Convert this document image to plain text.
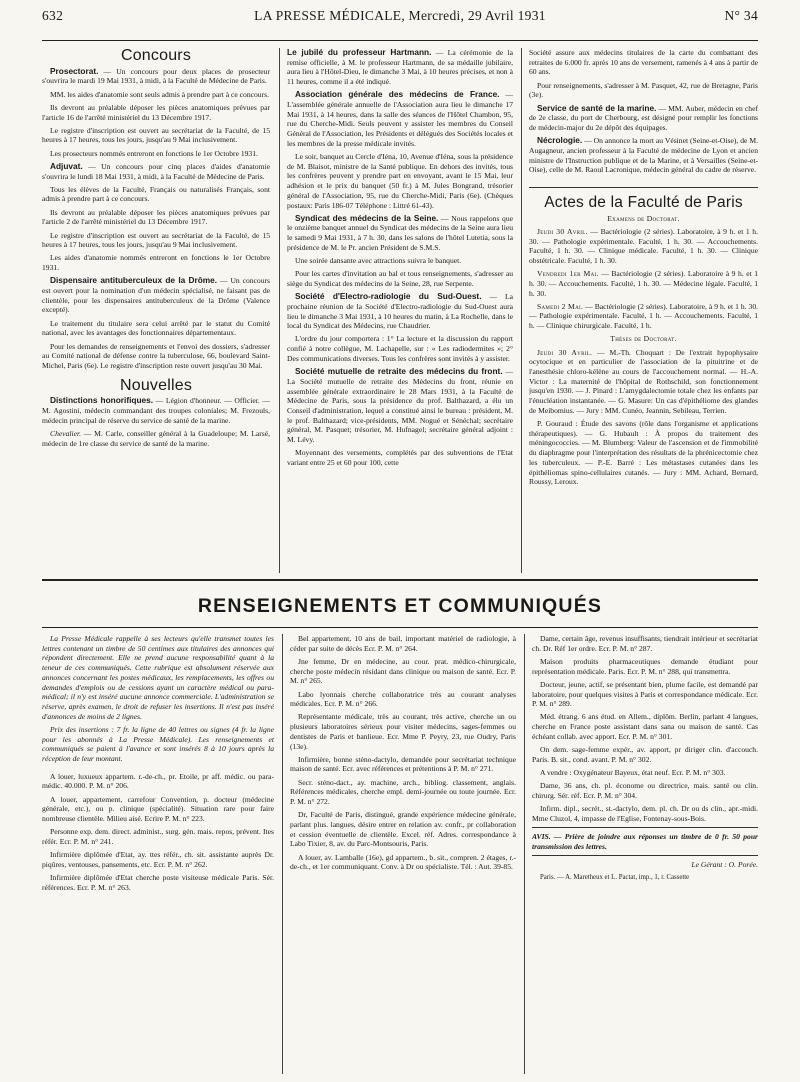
632	LA PRESSE MÉDICALE, Mercredi, 29 Avril 1931	N° 34
Concours

Prosectorat. — Un concours pour deux places de prosecteur s'ouvrira le mardi 19 Mai 1931, à midi, à la Faculté de Médecine de Paris.

MM. les aides d'anatomie sont seuls admis à prendre part à ce concours.

Ils devront au préalable déposer les pièces anatomiques prévues par l'article 16 de l'arrêté ministériel du 13 Décembre 1917.

Le registre d'inscription est ouvert au secrétariat de la Faculté, de 15 heures à 17 heures, tous les jours, jusqu'au 9 Mai inclusivement.

Les prosecteurs nommés entreront en fonctions le 1er Octobre 1931.

Adjuvat. — Un concours pour cinq places d'aides d'anatomie s'ouvrira le lundi 18 Mai 1931, à midi, à la Faculté de Médecine de Paris.

Tous les élèves de la Faculté, Français ou naturalisés Français, sont admis à prendre part à ce concours.

Ils devront au préalable déposer les pièces anatomiques prévues par l'article 2 de l'arrêté ministériel du 13 Décembre 1917.

Le registre d'inscription est ouvert au secrétariat de la Faculté, de 15 heures à 17 heures, tous les jours, jusqu'au 9 Mai inclusivement.

Les aides d'anatomie nommés entreront en fonctions le 1er Octobre 1931.

Dispensaire antituberculeux de la Drôme. — Un concours est ouvert pour la nomination d'un médecin spécialisé, ne faisant pas de clientèle, pour les dispensaires antituberculeux de la Drôme (Valence excepté).

Le traitement du titulaire sera celui arrêté par le statut du Comité national, avec les avantages des fonctionnaires départementaux.

Pour les demandes de renseignements et l'envoi des dossiers, s'adresser au Comité national de défense contre la tuberculose, 66, boulevard Saint-Michel, Paris (6e). Le registre d'inscription reste ouvert jusqu'au 30 Mai.

Nouvelles

Distinctions honorifiques. — Légion d'honneur. — Officier. — M. Agostini, médecin commandant des troupes coloniales; M. Frezouls, médecin principal de réserve du service de santé de la marine.

Chevalier. — M. Carle, conseiller général à la Guadeloupe; M. Larsé, médecin de 1re classe du service de santé de la marine.

Le jubilé du professeur Hartmann. — La cérémonie de la remise officielle, à M. le professeur Hartmann, de sa médaille jubilaire, aura lieu à l'Hôtel-Dieu, le dimanche 3 Mai, à 10 heures précises, et non à 11 heures, comme il a été indiqué.

Association générale des médecins de France. — L'assemblée générale annuelle de l'Association aura lieu le dimanche 17 Mai 1931, à 14 heures, dans la salle des séances de l'Hôtel Chambon, 95, rue du Cherche-Midi. Seuls peuvent y assister les membres du Conseil Général de l'Association, les Présidents et délégués des Sociétés locales et les membres de la presse médicale invités.

Le soir, banquet au Cercle d'Iéna, 10, Avenue d'Iéna, sous la présidence de M. Blaisot, ministre de la Santé publique. En dehors des invités, tous les confrères peuvent y prendre part en envoyant, avant le 15 Mai, leur adhésion et le prix du banquet (50 fr.) à M. Jules Bongrand, trésorier général de l'Association, 95, rue du Cherche-Midi, Paris (6e). (Chèques postaux: Paris 186-07 Téléphone : Littré 61-43).

Syndicat des médecins de la Seine. — Nous rappelons que le onzième banquet annuel du Syndicat des médecins de la Seine aura lieu le samedi 9 Mai 1931, à 7 h. 30, dans les salons de l'hôtel Lutetia, sous la présidence de M. le Pr. ancien Président de S.M.S.

Une soirée dansante avec attractions suivra le banquet.

Pour les cartes d'invitation au bal et tous renseignements, s'adresser au siège du Syndicat des médecins de la Seine, 28, rue Serpente.

Société d'Electro-radiologie du Sud-Ouest. — La prochaine réunion de la Société d'Electro-radiologie du Sud-Ouest aura lieu le dimanche 3 Mai 1931, à 10 heures du matin, à La Rochelle, dans le local du Syndicat des Médecins, rue Chaudrier.

L'ordre du jour comportera : 1° La lecture et la discussion du rapport confié à notre collègue, M. Lachapelle, sur : « Les radiodermites »; 2° Des communications diverses. Tous les confrères sont invités à y assister.

Société mutuelle de retraite des médecins du front. — La Société mutuelle de retraite des Médecins du front, réunie en assemblée générale extraordinaire le 28 Mars 1931, à la Faculté de Médecine de Paris, sous la présidence du prof. Balthazard, a élu un Conseil d'administration, lequel a constitué ainsi le bureau : président, M. le prof. Balthazard; vice-présidents, MM. Nogué et Sénéchal; secrétaire général, M. Pasquet; trésorier, M. Hufnagel; secrétaire général adjoint : M. Lévy.

Moyennant des versements, complétés par des subventions de l'Etat variant entre 25 et 60 pour 100, cette

Société assure aux médecins titulaires de la carte du combattant des retraites de 6.000 fr. après 10 ans de versement, ramenés à 4 ans à partir de 60 ans.

Pour renseignements, s'adresser à M. Pasquet, 42, rue de Bretagne, Paris (3e).

Service de santé de la marine. — MM. Auber, médecin en chef de 2e classe, du port de Cherbourg, est désigné pour remplir les fonctions de médecin-major du 2e dépôt des équipages.

Nécrologie. — On annonce la mort au Vésinet (Seine-et-Oise), de M. Augagneur, ancien professeur à la Faculté de médecine de Lyon et ancien ministre de l'Instruction publique et de la Marine, et à Versailles (Seine-et-Oise), celle de M. Raoul Lacronique, médecin général du cadre de réserve.

Actes de la Faculté de Paris

Examens de Doctorat.

Jeudi 30 Avril. — Bactériologie (2 séries). Laboratoire, à 9 h. et 1 h. 30. — Pathologie expérimentale. Faculté, 1 h. 30. — Accouchements. Faculté, 1 h. 30. — Clinique médicale. Faculté, 1 h. 30. — Clinique obstétricale. Faculté, 1 h. 30.

Vendredi 1er Mai. — Bactériologie (2 séries). Laboratoire à 9 h. et 1 h. 30. — Accouchements. Faculté, 1 h. 30. — Médecine légale. Faculté, 1 h. 30.

Samedi 2 Mai. — Bactériologie (2 séries). Laboratoire, à 9 h. et 1 h. 30. — Pathologie expérimentale. Faculté, 1 h. — Accouchements. Faculté, 1 h. — Clinique chirurgicale. Faculté, 1 h.

Thèses de Doctorat.

Jeudi 30 Avril. — M.-Th. Choquart : De l'extrait hypophysaire ocytocique et en particulier de l'association de la pituitrine et de l'anesthésie chloro-kélène au cours de l'accouchement normal. — H.-A. Victor : La maternité de l'hôpital de Rothschild, son fonctionnement jusqu'en 1930. — J. Pinard : L'amygdalectomie totale chez les enfants par l'énucléation instantanée. — G. Masure: Un cas d'épithéliome des glandes de Meibomius. — Jury : MM. Cunéo, Jeannin, Sebileau, Terrien.

P. Gouraud : Étude des savons (rôle dans l'organisme et applications thérapeutiques). — G. Hubault : À propos du traitement des méningococcies. — M. Blumberg: Valeur de l'ascension et de l'immobilité du diaphragme pour l'interprétation des résultats de la phrénicectomie chez les tuberculeux. — P.-E. Barré : Les métastases cutanées dans les épithéliomas spino-cellulaires cutanés. — Jury : MM. Achard, Bernard, Roussy, Leroux.

RENSEIGNEMENTS ET COMMUNIQUÉS

La Presse Médicale rappelle à ses lecteurs qu'elle transmet toutes les lettres contenant un timbre de 50 centimes aux titulaires des annonces qui répondent directement. Elle ne prend aucune responsabilité quant à la teneur de ces communiqués. Cette rubrique est absolument réservée aux annonces concernant les postes médicaux, les remplacements, les offres ou demandes d'emplois ou de cessions ayant un caractère médical ou para-médical; il n'y est inséré aucune annonce commerciale. L'administration se réserve, après examen, le droit de refuser les insertions. Il n'est pas inséré d'annonces de moins de 2 lignes.

Prix des insertions : 7 fr. la ligne de 40 lettres ou signes (4 fr. la ligne pour les abonnés à La Presse Médicale). Les renseignements et communiqués se paient à l'avance et sont insérés 8 à 10 jours après la réception de leur montant.

A louer, luxueux appartem. r.-de-ch., pr. Etoile, pr aff. médic. ou para-médic. 40.000. P. M. n° 206.

A louer, appartement, carrefour Convention, p. docteur (médecine générale, etc.), ou p. clinique (spécialité). Situation rare pour faire nombreuse clientèle. Milieu aisé. Ecrire P. M. n° 223.

Personne exp. dem. direct. administ., surg. gén. mais. repos, prévent. Ites référ. Ecr. P. M. n° 241.

Infirmière diplômée d'Etat, ay. ttes référ., ch. sit. assistante auprès Dr. piqûres, ventouses, pansements, etc. Ecr. P. M. n° 262.

Infirmière diplômée d'Etat cherche poste visiteuse médicale Paris. Sér. références. Ecr. P. M. n° 263.

Bel appartement, 10 ans de bail, important matériel de radiologie, à céder par suite de décès Ecr. P. M. n° 264.

Jne femme, Dr en médecine, au cour. prat. médico-chirurgicale, cherche poste médecin résidant dans clinique ou maison de santé. Ecr. P. M. n° 265.

Labo lyonnais cherche collaboratrice très au courant analyses médicales. Ecr. P. M. n° 266.

Représentante médicale, très au courant, très active, cherche un ou plusieurs laboratoires sérieux pour visiter médecins, sages-femmes ou dentistes de Paris et banlieue. Ecr. Mme P. Peyry, 23, rue Oudry, Paris (13e).

Infirmière, bonne sténo-dactylo, demandée pour secrétariat technique maison de santé. Ecr. avec références et prétentions à P. M. n° 271.

Secr. sténo-dact., ay. machine, arch., bibliog. classement, anglais. Références médicales, cherche empl. demi-journée ou toute journée. Ecr. P. M. n° 272.

Dr, Faculté de Paris, distingué, grande expérience médecine générale, parlant plus. langues, désire entrer en relation av. confr., pr collaboration et cession éventuelle de clientèle. Excel. réf. Adres. correspondance à Labo Tixier, 8, av. du Parc-Montsouris, Paris.

A louer, av. Lamballe (16e), gd appartem., b. sit., compren. 2 étages, r.-de-ch., et 1er communiquant. Conv. à Dr ou spécialiste. Tél. : Aut. 39-85.

Dame, certain âge, revenus insuffisants, tiendrait intérieur et secrétariat ch. Dr. Réf 1er ordre. Ecr. P. M. n° 287.

Maison produits pharmaceutiques demande étudiant pour représentation médicale. Paris. Ecr. P. M. n° 288, qui transmettra.

Docteur, jeune, actif, se présentant bien, plume facile, est demandé par laboratoire, pour quelques visites à Paris et correspondance médicale. Ecr. P. M. n° 289.

Méd. étrang. 6 ans étud. en Allem., diplôm. Berlin, parlant 4 langues, cherche en France poste assistant dans sana ou maison de santé. Cas échéant collab. avec apport. Ecr. P. M. n° 301.

On dem. sage-femme expér., av. apport, pr diriger clin. d'accouch. Paris. B. sit., cond. avant. P. M. n° 302.

A vendre : Oxygénateur Bayeux, état neuf. Ecr. P. M. n° 303.

Dame, 36 ans, ch. pl. économe ou directrice, mais. santé ou clin. chirurg. Sér. réf. Ecr. P. M. n° 304.

Infirm. dipl., secrét., st.-dactylo, dem. pl. ch. Dr ou ds clin., apr.-midi. Mme Cluzol, 4, impasse de l'Eglise, Fontenay-sous-Bois.

AVIS. — Prière de joindre aux réponses un timbre de 0 fr. 50 pour transmission des lettres.

Le Gérant : O. Porée.

Paris. — A. Maretheux et L. Pactat, imp., 1, r. Cassette
